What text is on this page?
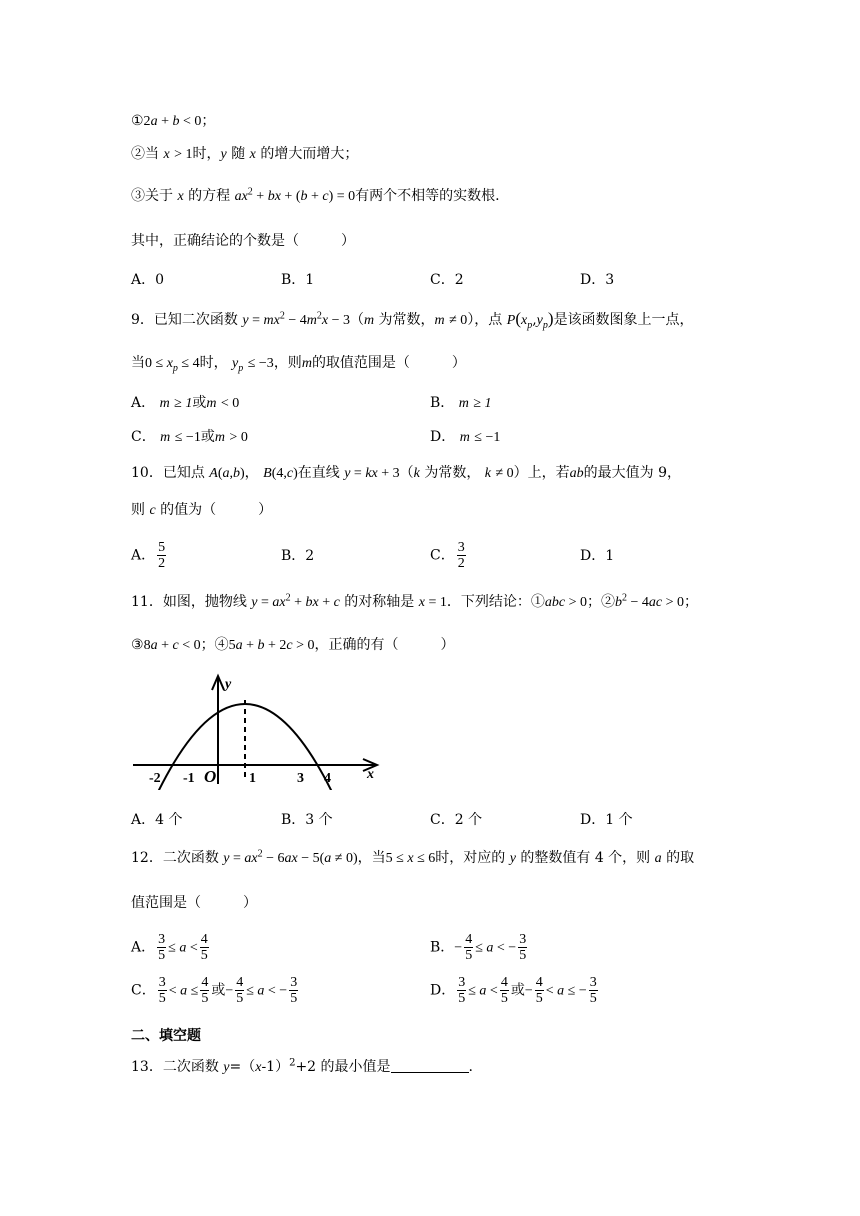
①2a + b < 0；
②当 x > 1时，y 随 x 的增大而增大；
③关于 x 的方程 $ax^2$ + bx + (b + c) = 0有两个不相等的实数根.
其中，正确结论的个数是（　　　）
A．0	B．1	C．2	D．3
9．已知二次函数 $y = mx^2 - 4m^2x - 3(m$ 为常数，m ≠ 0），点 $P(x_p,y_p)$是该函数图象上一点，
当$0 \le x_p \le 4$时， $y_p \le -3$，则m的取值范围是（　　　）
A． m ≥ 1或m < 0	B． m ≥ 1
C． m ≤ −1或m > 0	D． m ≤ −1
10．已知点 A(a,b)， B(4,c)在直线 y = kx + 3（k 为常数， k ≠ 0）上，若ab的最大值为 9，
则 c 的值为（　　　）
A． $\frac{5}{2}$	B．2	C． $\frac{3}{2}$	D．1
11．如图，抛物线 $y = ax^2$ + bx + c 的对称轴是 x = 1．下列结论：①abc > 0；$②b^2 - 4ac > 0$；
③8a + c < 0；④5a + b + 2c > 0，正确的有（　　　）
y
x
O
-2 -1	1	3 4
A．4 个	B．3 个	C．2 个	D．1 个
12．二次函数 $y = ax^2 - 6ax - 5(a \ne 0)$，当5 ≤ x ≤ 6时，对应的 y 的整数值有 4 个，则 a 的取
值范围是（　　　）
A． $\frac{3}{5} \le a < \frac{4}{5}$	B．− $\frac{4}{5} \le a$ < − $\frac{3}{5}$
C． $\frac{3}{5} < a \le \frac{4}{5}$ 或− $\frac{4}{5} \le a$ < − $\frac{3}{5}$	D． $\frac{3}{5} \le a < \frac{4}{5}$ 或− $\frac{4}{5} < a$ ≤ − $\frac{3}{5}$
二、填空题
13．二次函数 $y=(x-1)^2+2$ 的最小值是	.
